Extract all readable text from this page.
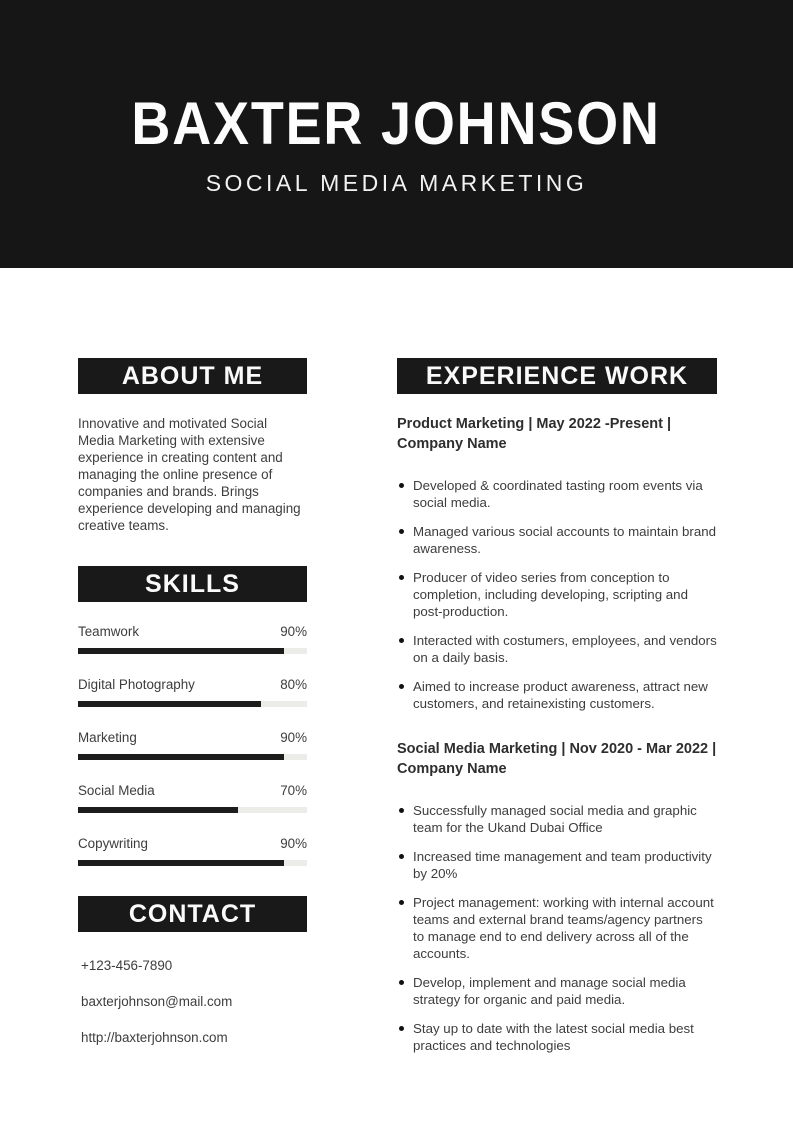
BAXTER JOHNSON
SOCIAL MEDIA MARKETING
ABOUT ME

Innovative and motivated Social Media Marketing with extensive experience in creating content and managing the online presence of companies and brands. Brings experience developing and managing creative teams.

SKILLS
Teamwork	90%
Digital Photography	80%
Marketing	90%
Social Media	70%
Copywriting	90%
CONTACT
+123-456-7890
baxterjohnson@mail.com
http://baxterjohnson.com
EXPERIENCE WORK
Product Marketing | May 2022 -Present | Company Name
Developed & coordinated tasting room events via social media.
Managed various social accounts to maintain brand awareness.
Producer of video series from conception to completion, including developing, scripting and post-production.
Interacted with costumers, employees, and vendors on a daily basis.
Aimed to increase product awareness, attract new customers, and retainexisting customers.
Social Media Marketing | Nov 2020 - Mar 2022 | Company Name
Successfully managed social media and graphic team for the Ukand Dubai Office
Increased time management and team productivity by 20%
Project management: working with internal account teams and external brand teams/agency partners to manage end to end delivery across all of the accounts.
Develop, implement and manage social media strategy for organic and paid media.
Stay up to date with the latest social media best practices and technologies
